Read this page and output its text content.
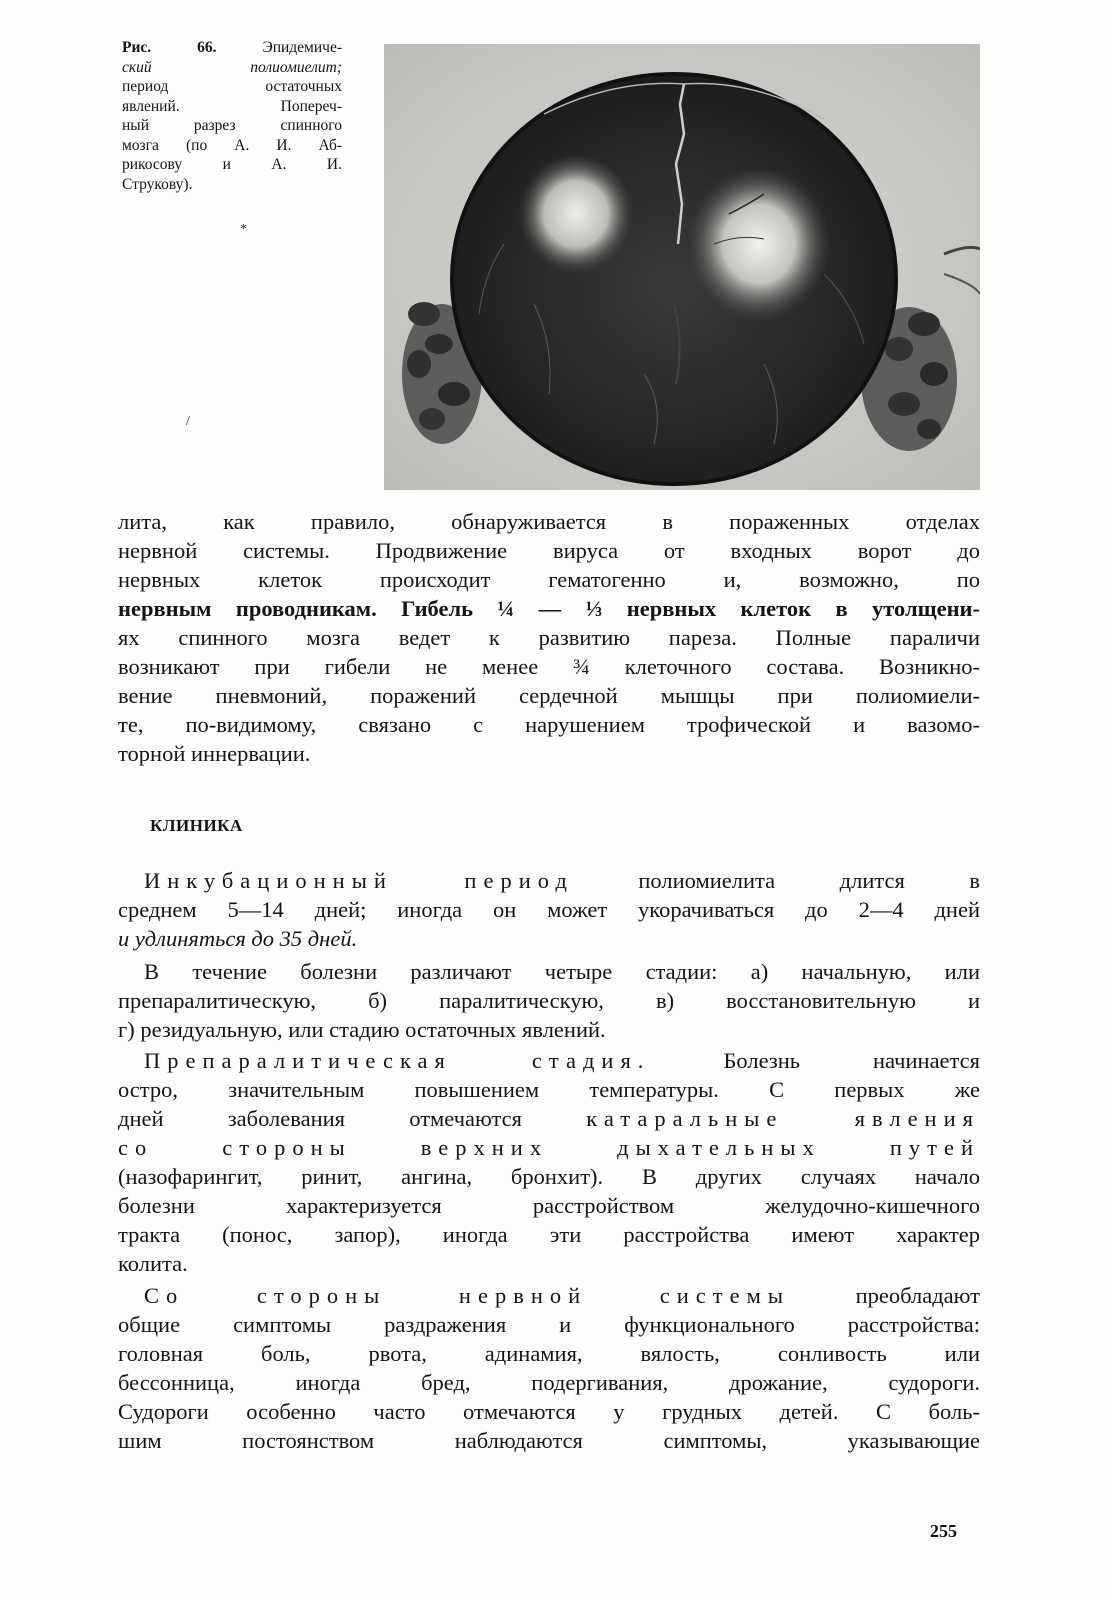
Рис. 66.	Эпидемиче-
ский полиомиелит;
период остаточных
явлений. Попереч-
ный разрез спинного
мозга (по А. И. Аб-
рикосову и А. И.
Струкову).
*
/
лита, как правило, обнаруживается в пораженных отделах
нервной системы. Продвижение вируса от входных ворот до
нервных клеток происходит гематогенно и, возможно, по
нервным проводникам. Гибель ¼ — ⅓ нервных клеток в утолщени-
ях спинного мозга ведет к развитию пареза. Полные параличи
возникают при гибели не менее ¾ клеточного состава. Возникно-
вение пневмоний, поражений сердечной мышцы при полиомиели-
те, по-видимому, связано с нарушением трофической и вазомо-
торной иннервации.
КЛИНИКА
Инкубационный период	полиомиелита длится в
среднем 5—14 дней; иногда он может укорачиваться до 2—4 дней
и удлиняться до 35 дней.
В течение болезни различают четыре стадии: а) начальную, или
препаралитическую, б) паралитическую, в) восстановительную и
г) резидуальную, или стадию остаточных явлений.
Препаралитическая стадия.	Болезнь начинается
остро, значительным повышением температуры. С первых же
дней заболевания отмечаются	катаральные явления
со стороны верхних дыхательных путей
(назофарингит, ринит, ангина, бронхит). В других случаях начало
болезни характеризуется расстройством желудочно-кишечного
тракта (понос, запор), иногда эти расстройства имеют характер
колита.
Со стороны нервной системы	преобладают
общие симптомы раздражения и функционального расстройства:
головная боль, рвота, адинамия, вялость, сонливость или
бессонница, иногда бред, подергивания, дрожание, судороги.
Судороги особенно часто отмечаются у грудных детей. С боль-
шим постоянством наблюдаются симптомы, указывающие
255
